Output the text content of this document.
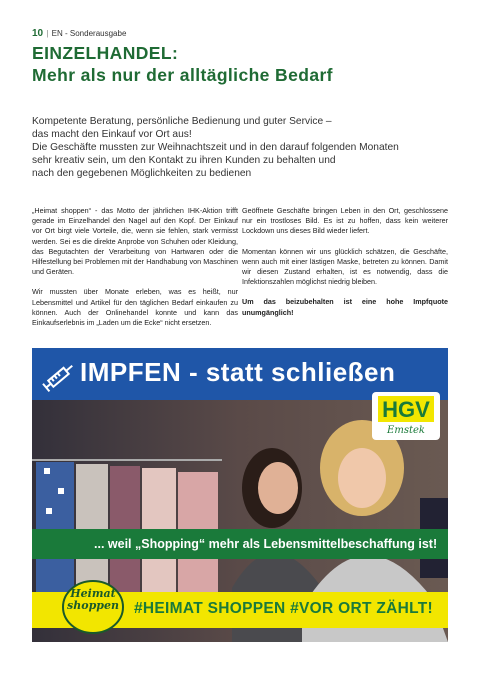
10 | EN - Sonderausgabe
EINZELHANDEL:
Mehr als nur der alltägliche Bedarf

Kompetente Beratung, persönliche Bedienung und guter Service –

das macht den Einkauf vor Ort aus!

Die Geschäfte mussten zur Weihnachtszeit und in den darauf folgenden Monaten

sehr kreativ sein, um den Kontakt zu ihren Kunden zu behalten und

nach den gegebenen Möglichkeiten zu bedienen

„Heimat shoppen“ - das Motto der jährlichen IHK-Aktion trifft gerade im Einzelhandel den Nagel auf den Kopf. Der Einkauf vor Ort birgt viele Vorteile, die, wenn sie fehlen, stark vermisst werden. Sei es die direkte Anprobe von Schuhen oder Kleidung, das Begutachten der Verarbeitung von Hartwaren oder die Hilfestellung bei Problemen mit der Handhabung von Maschinen und Geräten.

Wir mussten über Monate erleben, was es heißt, nur Lebensmittel und Artikel für den täglichen Bedarf einkaufen zu können. Auch der Onlinehandel konnte und kann das Einkaufserlebnis im „Laden um die Ecke“ nicht ersetzen.

Geöffnete Geschäfte bringen Leben in den Ort, geschlossene nur ein trostloses Bild. Es ist zu hoffen, dass kein weiterer Lockdown uns dieses Bild wieder liefert.

Momentan können wir uns glücklich schätzen, die Geschäfte, wenn auch mit einer lästigen Maske, betreten zu können. Damit wir diesen Zustand erhalten, ist es notwendig, dass die Infektionszahlen möglichst niedrig bleiben.

Um das beizubehalten ist eine hohe Impfquote unumgänglich!

IMPFEN - statt schließen
HGV
Emstek
... weil „Shopping“ mehr als Lebensmittelbeschaffung ist!
#HEIMAT SHOPPEN #VOR ORT ZÄHLT!
Heimat
shoppen
